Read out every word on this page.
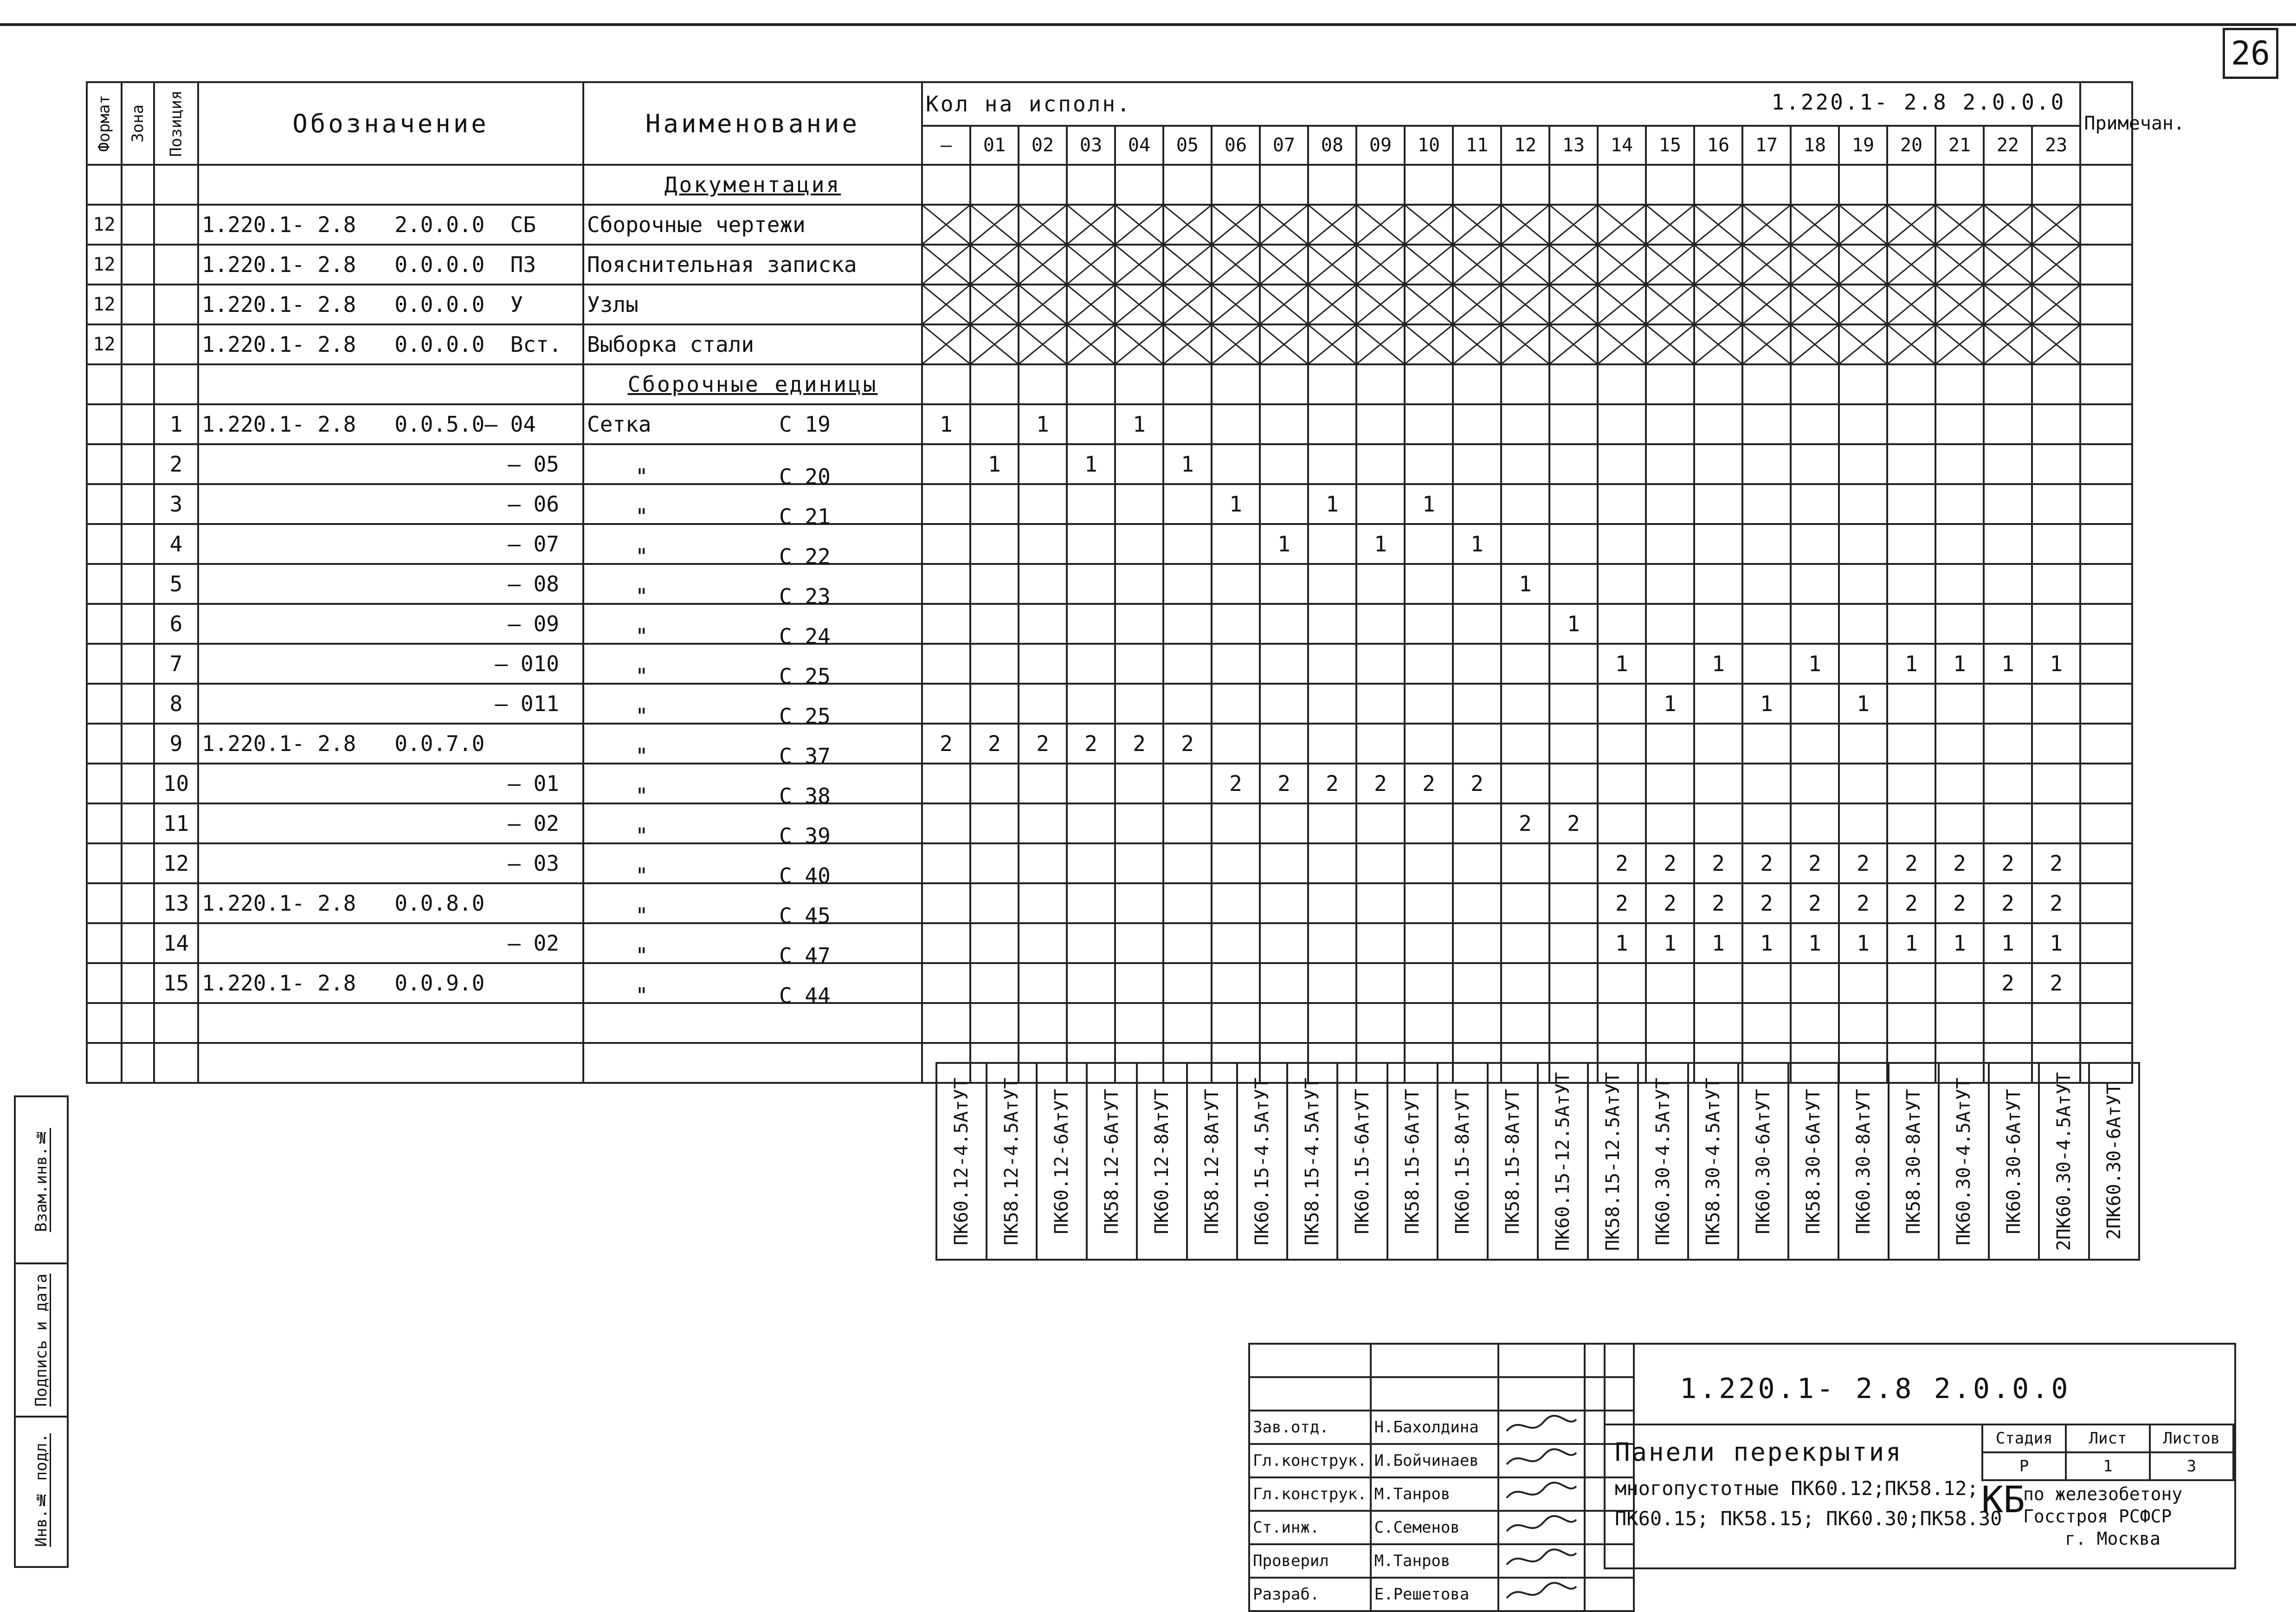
26
Формат	Зона	Позиция	Обозначение	Наименование	Кол на исполн. 1.220.1- 2.8 2.0.0.0																								Примечан.
					—	01	02	03	04	05	06	07	08	09	10	11	12	13	14	15	16	17	18	19	20	21	22	23	
				Документация

12			1.220.1- 2.8   2.0.0.0  СБ	Сборочные чертежи

12			1.220.1- 2.8   0.0.0.0  ПЗ	Пояснительная записка

12			1.220.1- 2.8   0.0.0.0  У	Узлы

12			1.220.1- 2.8   0.0.0.0  Вст.	Выборка стали

				Сборочные единицы

		1	1.220.1- 2.8   0.0.5.0— 04	Сетка С 19	1		1		1																				
		2	— 05	" С 20		1		1		1																			
		3	— 06	" С 21							1		1		1														
		4	— 07	" С 22								1		1		1													
		5	— 08	" С 23													1												
		6	— 09	" С 24														1											
		7	— 010	" С 25															1		1		1		1	1	1	1	
		8	— 011	" С 25																1		1		1					
		9	1.220.1- 2.8   0.0.7.0	" С 37	2	2	2	2	2	2																			
		10	— 01	" С 38							2	2	2	2	2	2													
		11	— 02	" С 39													2	2											
		12	— 03	" С 40															2	2	2	2	2	2	2	2	2	2	
		13	1.220.1- 2.8   0.0.8.0	" С 45															2	2	2	2	2	2	2	2	2	2	
		14	— 02	" С 47															1	1	1	1	1	1	1	1	1	1	
		15	1.220.1- 2.8   0.0.9.0	" С 44																							2	2	

ПК60.12-4.5АтУТ	ПК58.12-4.5АтУТ	ПК60.12-6АтУТ	ПК58.12-6АтУТ	ПК60.12-8АтУТ	ПК58.12-8АтУТ	ПК60.15-4.5АтУТ	ПК58.15-4.5АтУТ	ПК60.15-6АтУТ	ПК58.15-6АтУТ	ПК60.15-8АтУТ	ПК58.15-8АтУТ	ПК60.15-12.5АтУТ	ПК58.15-12.5АтУТ	ПК60.30-4.5АтУТ	ПК58.30-4.5АтУТ	ПК60.30-6АтУТ	ПК58.30-6АтУТ	ПК60.30-8АтУТ	ПК58.30-8АтУТ	ПК60.30-4.5АтУТ	ПК60.30-6АтУТ	2ПК60.30-4.5АтУТ	2ПК60.30-6АтУТ
Взам.инв.№
Подпись и дата
Инв.№ подл.

Зав.отд.	Н.Бахолдина		
Гл.конструк.	И.Бойчинаев		
Гл.конструк.	М.Танров		
Ст.инж.	С.Семенов		
Проверил	М.Танров		
Разраб.	Е.Решетова		
1.220.1- 2.8 2.0.0.0
Панели перекрытия
многопустотные ПК60.12;ПК58.12;
ПК60.15; ПК58.15; ПК60.30;ПК58.30
Стадия	Лист	Листов
Р	1	3
КБ
по железобетону
Госстроя РСФСР
г. Москва
